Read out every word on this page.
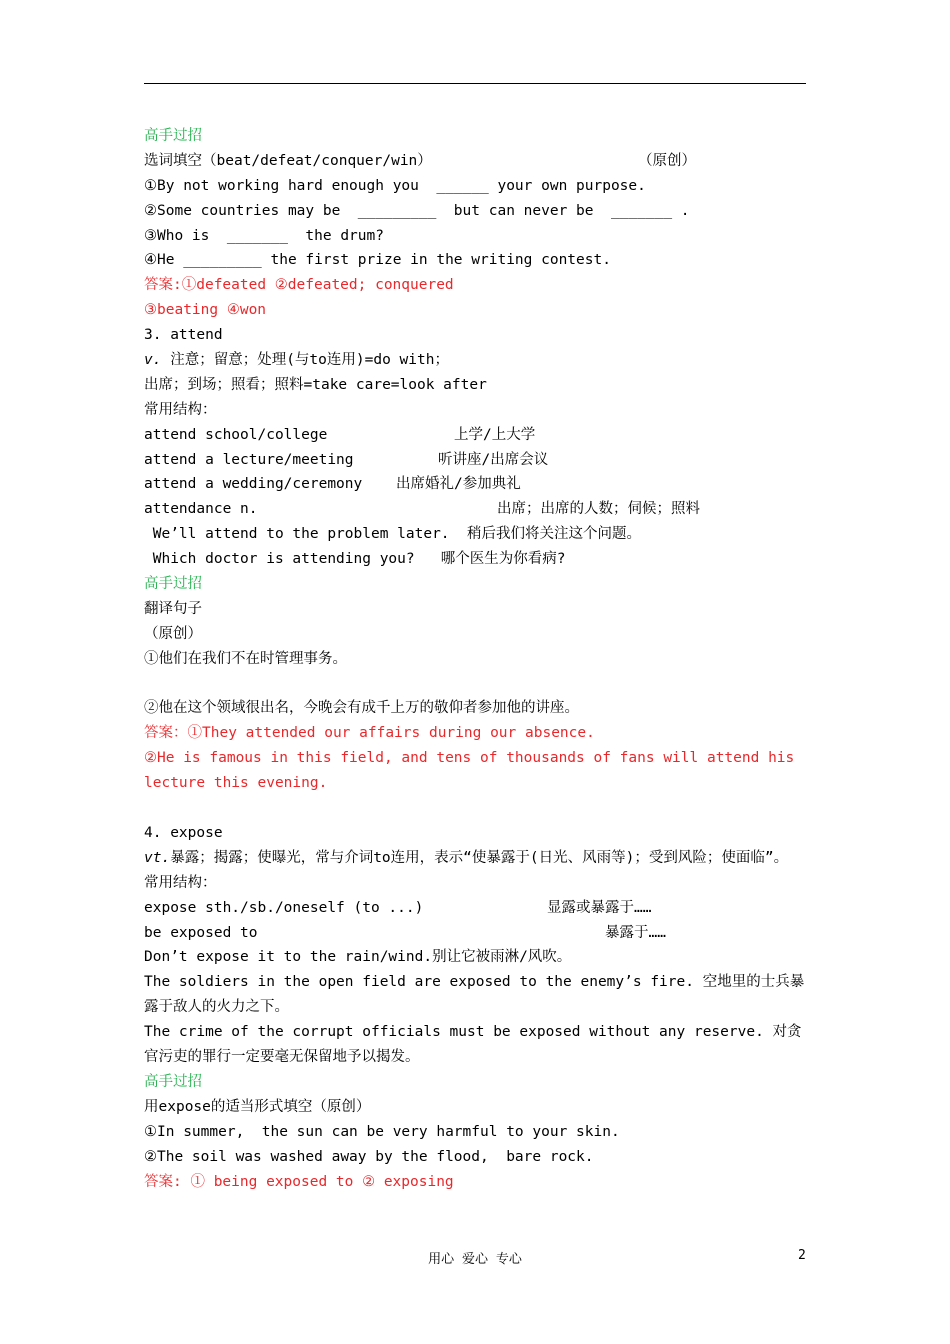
高手过招
选词填空（beat/defeat/conquer/win）	（原创）
①By not working hard enough you  ______ your own purpose.
②Some countries may be  _________  but can never be  _______ .
③Who is  _______  the drum?
④He _________ the first prize in the writing contest.
答案:①defeated ②defeated; conquered
③beating ④won
3. attend
v. 注意；留意；处理(与to连用)=do with；
出席；到场；照看；照料=take care=look after
常用结构：
attend school/college	上学/上大学
attend a lecture/meeting	听讲座/出席会议
attend a wedding/ceremony	出席婚礼/参加典礼
attendance n.	出席；出席的人数；伺候；照料
We’ll attend to the problem later.  稍后我们将关注这个问题。
Which doctor is attending you?   哪个医生为你看病?
高手过招
翻译句子
（原创）
①他们在我们不在时管理事务。
②他在这个领域很出名，今晚会有成千上万的敬仰者参加他的讲座。
答案：①They attended our affairs during our absence.
②He is famous in this field, and tens of thousands of fans will attend his lecture this evening.
4. expose
vt.暴露；揭露；使曝光，常与介词to连用，表示“使暴露于(日光、风雨等)；受到风险；使面临”。
常用结构：
expose sth./sb./oneself (to ...)	显露或暴露于……
be exposed to	暴露于……
Don’t expose it to the rain/wind.别让它被雨淋/风吹。
The soldiers in the open field are exposed to the enemy’s fire. 空地里的士兵暴露于敌人的火力之下。
The crime of the corrupt officials must be exposed without any reserve. 对贪官污吏的罪行一定要毫无保留地予以揭发。
高手过招
用expose的适当形式填空（原创）
①In summer,  the sun can be very harmful to your skin.
②The soil was washed away by the flood,  bare rock.
答案: ① being exposed to ② exposing
用心 爱心 专心	2
